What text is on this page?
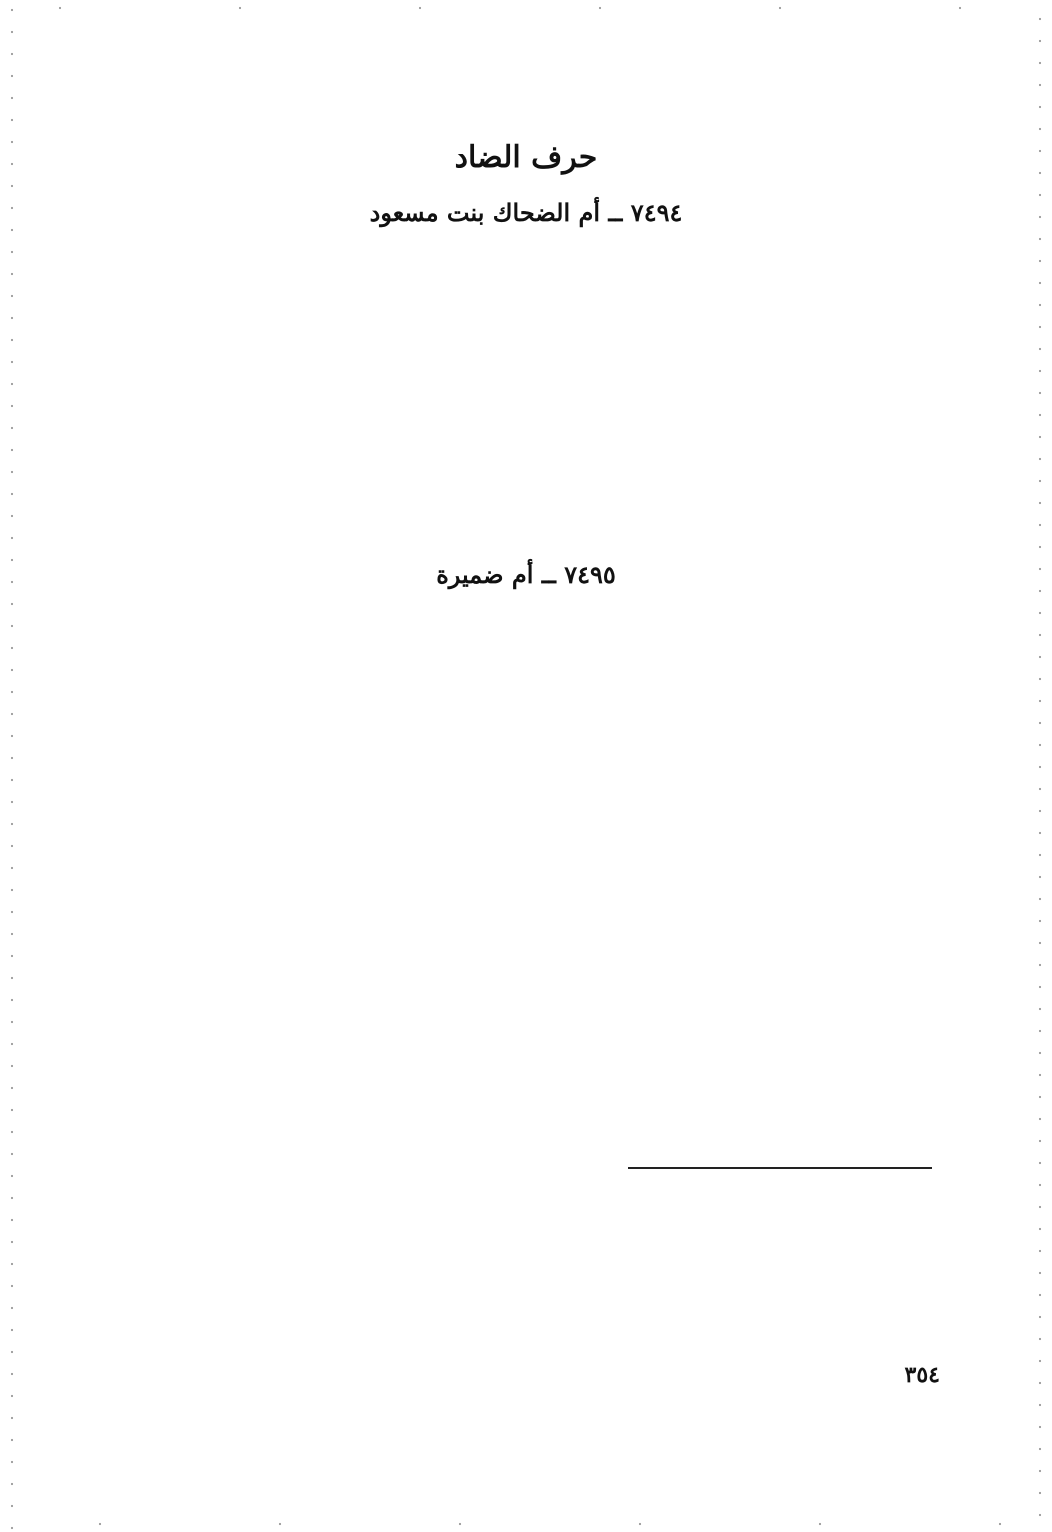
حرف الضاد
٧٤٩٤ ــ أم الضحاك بنت مسعود
٧٤٩٥ ــ أم ضميرة
٣٥٤
